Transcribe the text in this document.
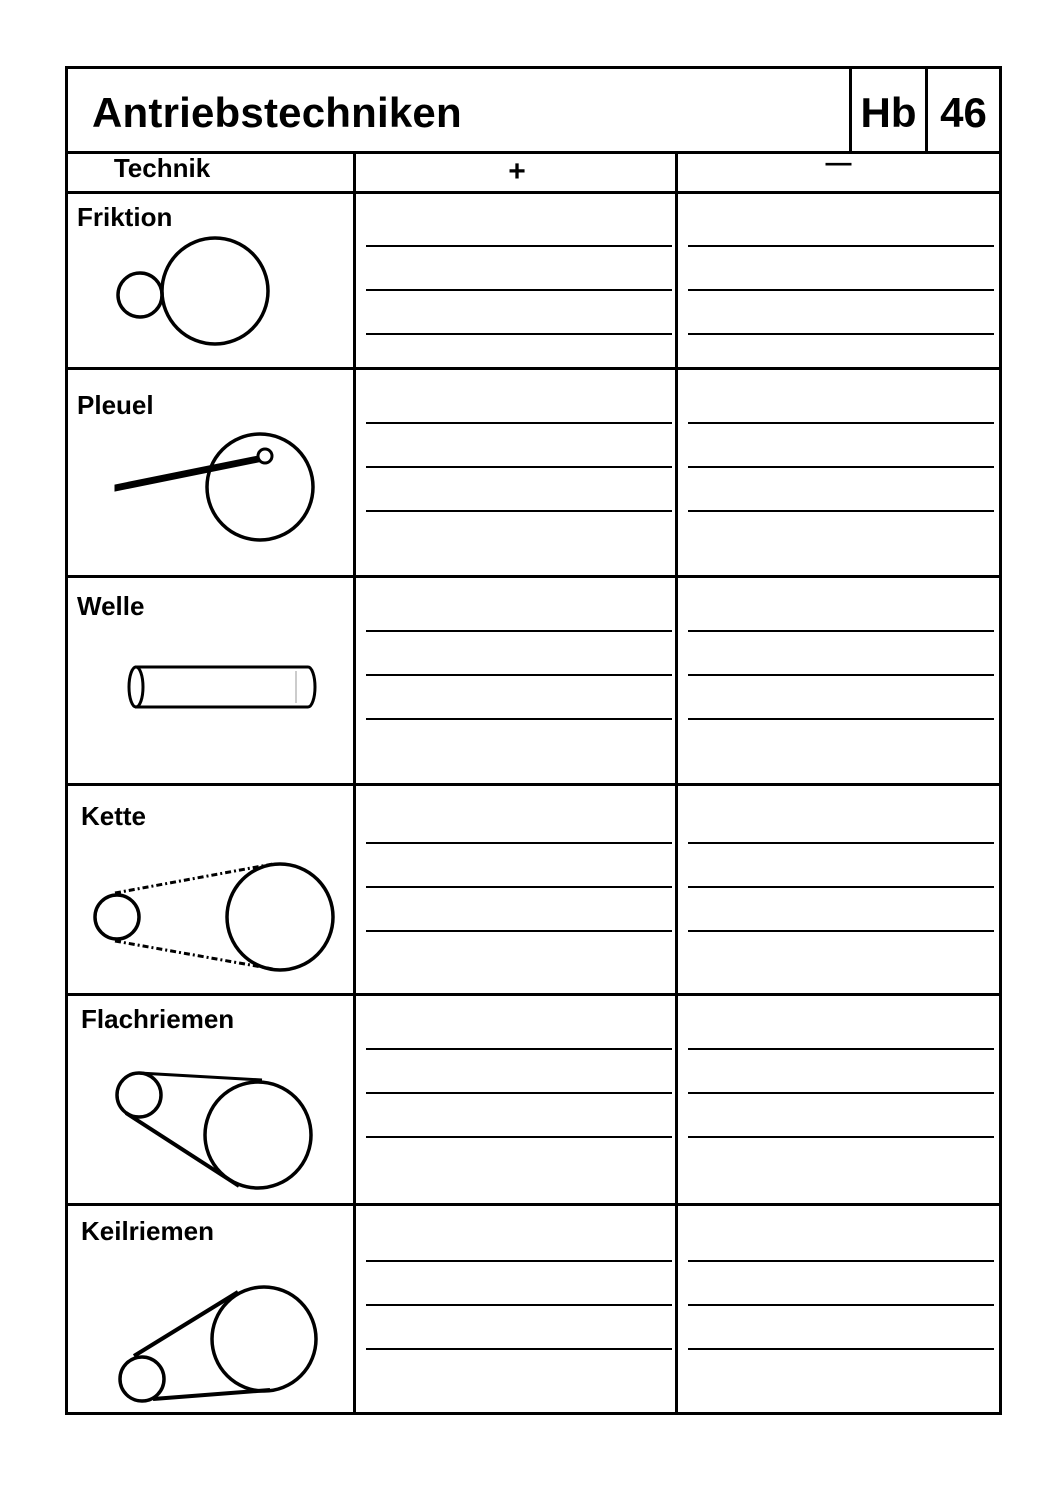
Antriebstechniken	Hb 46
Technik	+	—
Friktion
Pleuel
Welle
Kette
Flachriemen
Keilriemen
